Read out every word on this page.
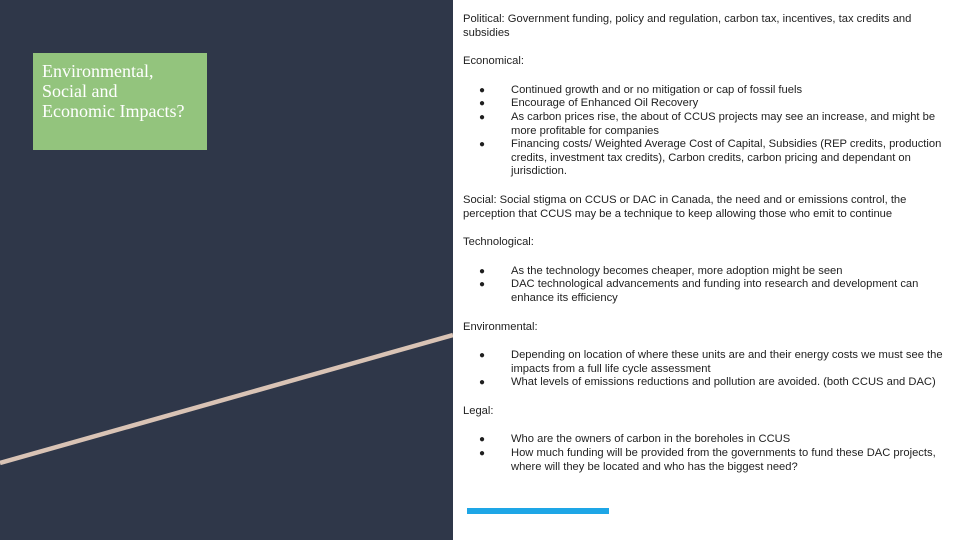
Environmental,
Social and
Economic Impacts?

Political: Government funding, policy and regulation, carbon tax, incentives, tax credits and subsidies

Economical:

● Continued growth and or no mitigation or cap of fossil fuels
● Encourage of Enhanced Oil Recovery
● As carbon prices rise, the about of CCUS projects may see an increase, and might be more profitable for companies
● Financing costs/ Weighted Average Cost of Capital, Subsidies (REP credits, production credits, investment tax credits), Carbon credits, carbon pricing and dependant on jurisdiction.

Social: Social stigma on CCUS or DAC in Canada, the need and or emissions control, the perception that CCUS may be a technique to keep allowing those who emit to continue

Technological:

● As the technology becomes cheaper, more adoption might be seen
● DAC technological advancements and funding into research and development can enhance its efficiency

Environmental:

● Depending on location of where these units are and their energy costs we must see the impacts from a full life cycle assessment
● What levels of emissions reductions and pollution are avoided. (both CCUS and DAC)

Legal:

● Who are the owners of carbon in the boreholes in CCUS
● How much funding will be provided from the governments to fund these DAC projects, where will they be located and who has the biggest need?
